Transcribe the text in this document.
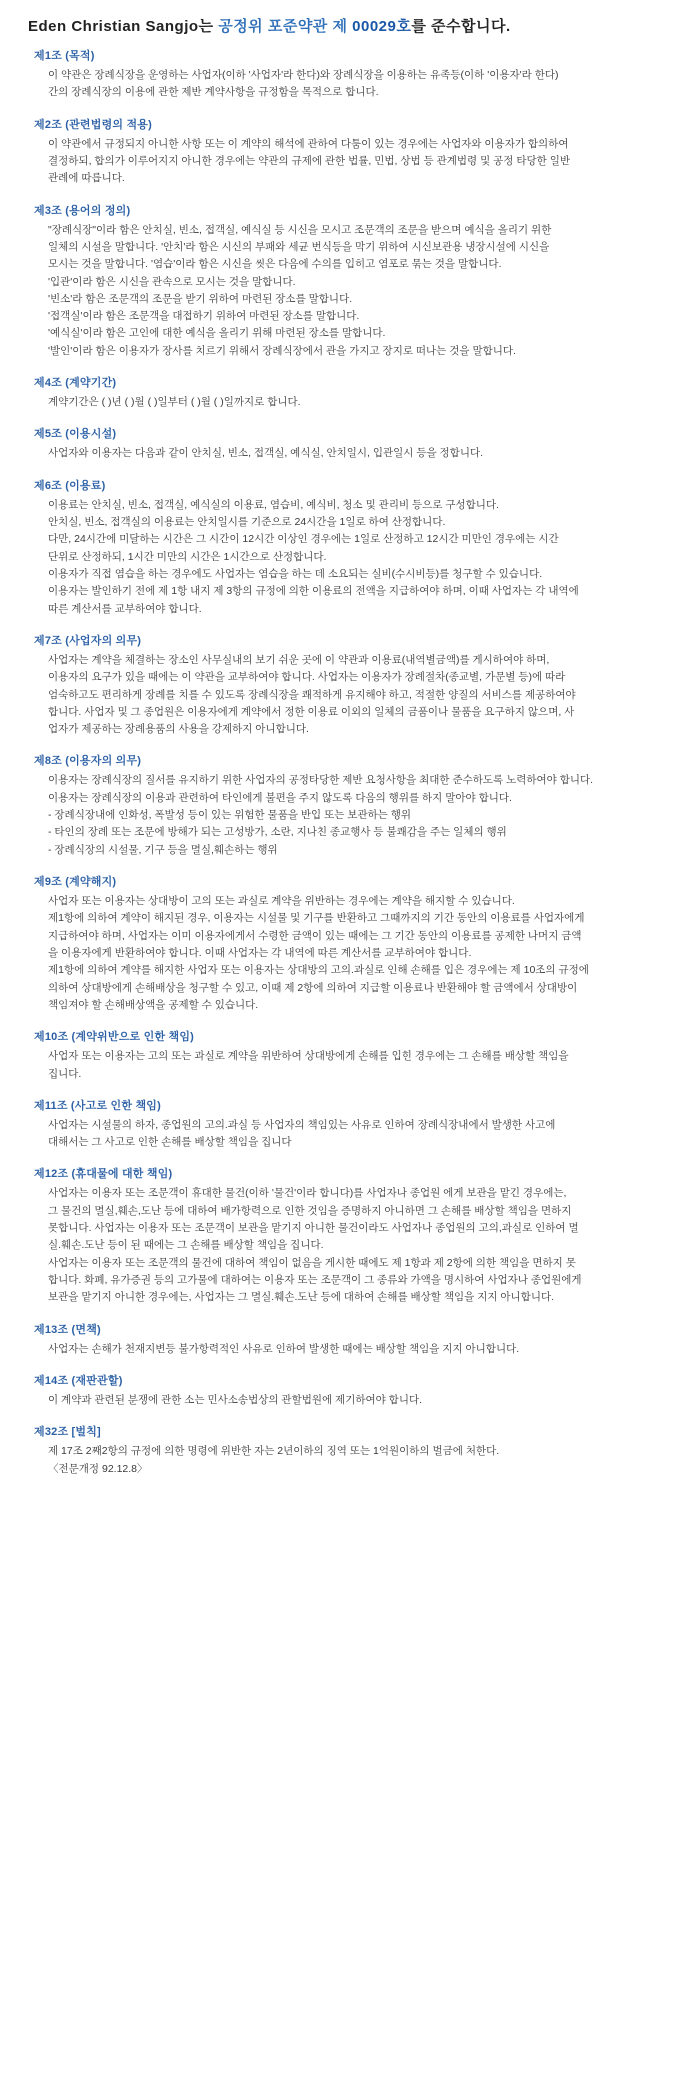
Eden Christian Sangjo는 공정위 포준약관 제 00029호를 준수합니다.
제1조 (목적)

이 약관은 장례식장을 운영하는 사업자(이하 '사업자'라 한다)와 장례식장을 이용하는 유족등(이하 '이용자'라 한다)

간의 장례식장의 이용에 관한 제반 계약사항을 규정함을 목적으로 합니다.

제2조 (관련법령의 적용)

이 약관에서 규정되지 아니한 사항 또는 이 계약의 해석에 관하여 다툼이 있는 경우에는 사업자와 이용자가 합의하여

결정하되, 합의가 이루어지지 아니한 경우에는 약관의 규제에 관한 법률, 민법, 상법 등 관계법령 및 공정 타당한 일반

관례에 따릅니다.

제3조 (용어의 정의)

"장례식장"이라 함은 안치실, 빈소, 접객실, 예식실 등 시신을 모시고 조문객의 조문을 받으며 예식을 올리기 위한

일체의 시설을 말합니다. '안치'라 함은 시신의 부패와 세균 번식등을 막기 위하여 시신보관용 냉장시설에 시신을

모시는 것을 말합니다. '염습'이라 함은 시신을 씻은 다음에 수의를 입히고 염포로 묶는 것을 말합니다.

'입관'이라 함은 시신을 관속으로 모시는 것을 말합니다.

'빈소'라 함은 조문객의 조문을 받기 위하여 마련된 장소를 말합니다.

'접객실'이라 함은 조문객을 대접하기 위하여 마련된 장소를 말합니다.

'예식실'이라 함은 고인에 대한 예식을 올리기 위해 마련된 장소를 말합니다.

'발인'이라 함은 이용자가 장사를 치르기 위해서 장례식장에서 관을 가지고 장지로 떠나는 것을 말합니다.

제4조 (계약기간)

계약기간은 ( )년 ( )월 ( )일부터 ( )월 ( )일까지로 합니다.

제5조 (이용시설)

사업자와 이용자는 다음과 같이 안치실, 빈소, 접객실, 예식실, 안치일시, 입관일시 등을 정합니다.

제6조 (이용료)

이용료는 안치실, 빈소, 접객실, 예식실의 이용료, 염습비, 예식비, 청소 및 관리비 등으로 구성합니다.

안치실, 빈소, 접객실의 이용료는 안치일시를 기준으로 24시간을 1일로 하여 산정합니다.

다만, 24시간에 미달하는 시간은 그 시간이 12시간 이상인 경우에는 1일로 산정하고 12시간 미만인 경우에는 시간

단위로 산정하되, 1시간 미만의 시간은 1시간으로 산정합니다.

이용자가 직접 염습을 하는 경우에도 사업자는 염습을 하는 데 소요되는 실비(수시비등)를 청구할 수 있습니다.

이용자는 발인하기 전에 제 1항 내지 제 3항의 규정에 의한 이용료의 전액을 지급하여야 하며, 이때 사업자는 각 내역에

따른 계산서를 교부하여야 합니다.

제7조 (사업자의 의무)

사업자는 계약을 체결하는 장소인 사무실내의 보기 쉬운 곳에 이 약관과 이용료(내역별금액)를 게시하여야 하며,

이용자의 요구가 있을 때에는 이 약관을 교부하여야 합니다. 사업자는 이용자가 장례절차(종교별, 가문별 등)에 따라

엄숙하고도 편리하게 장례를 치를 수 있도록 장례식장을 쾌적하게 유지해야 하고, 적절한 양질의 서비스를 제공하여야

합니다. 사업자 및 그 종업원은 이용자에게 계약에서 정한 이용료 이외의 일체의 금품이나 물품을 요구하지 않으며, 사

업자가 제공하는 장례용품의 사용을 강제하지 아니합니다.

제8조 (이용자의 의무)

이용자는 장례식장의 질서를 유지하기 위한 사업자의 공정타당한 제반 요청사항을 최대한 준수하도록 노력하여야 합니다.

이용자는 장례식장의 이용과 관련하여 타인에게 불편을 주지 않도록 다음의 행위를 하지 말아야 합니다.

- 장례식장내에 인화성, 폭발성 등이 있는 위험한 물품을 반입 또는 보관하는 행위

- 타인의 장례 또는 조문에 방해가 되는 고성방가, 소란, 지나친 종교행사 등 불쾌감을 주는 일체의 행위

- 장례식장의 시설물, 기구 등을 멸실,훼손하는 행위

제9조 (계약해지)

사업자 또는 이용자는 상대방이 고의 또는 과실로 계약을 위반하는 경우에는 계약을 해지할 수 있습니다.

제1항에 의하여 계약이 해지된 경우, 이용자는 시설물 및 기구를 반환하고 그때까지의 기간 동안의 이용료를 사업자에게

지급하여야 하며, 사업자는 이미 이용자에게서 수령한 금액이 있는 때에는 그 기간 동안의 이용료를 공제한 나머지 금액

을 이용자에게 반환하여야 합니다. 이때 사업자는 각 내역에 따른 계산서를 교부하여야 합니다.

제1항에 의하여 계약를 해지한 사업자 또는 이용자는 상대방의 고의.과실로 인해 손해를 입은 경우에는 제 10조의 규정에

의하여 상대방에게 손해배상을 청구할 수 있고, 이때 제 2항에 의하여 지급할 이용료나 반환해야 할 금액에서 상대방이

책임져야 할 손해배상액을 공제할 수 있습니다.

제10조 (계약위반으로 인한 책임)

사업자 또는 이용자는 고의 또는 과실로 계약을 위반하여 상대방에게 손해를 입힌 경우에는 그 손해를 배상할 책임을

집니다.

제11조 (사고로 인한 책임)

사업자는 시설물의 하자, 종업원의 고의.과실 등 사업자의 책임있는 사유로 인하여 장례식장내에서 발생한 사고에

대해서는 그 사고로 인한 손해를 배상할 책임을 집니다

제12조 (휴대물에 대한 책임)

사업자는 이용자 또는 조문객이 휴대한 물건(이하 '물건'이라 합니다)를 사업자나 종업원 에게 보관을 맡긴 경우에는,

그 물건의 멸실,훼손,도난 등에 대하여 배가항력으로 인한 것임을 증명하지 아니하면 그 손해를 배상할 책임을 면하지

못합니다. 사업자는 이용자 또는 조문객이 보관을 맡기지 아니한 물건이라도 사업자나 종업원의 고의,과실로 인하여 멸

실.훼손.도난 등이 된 때에는 그 손해를 배상할 책임을 집니다.

사업자는 이용자 또는 조문객의 물건에 대하여 책임이 없음을 게시한 때에도 제 1항과 제 2항에 의한 책임을 면하지 못

합니다. 화폐, 유가증권 등의 고가물에 대하여는 이용자 또는 조문객이 그 종류와 가액을 명시하여 사업자나 종업원에게

보관을 맡기지 아니한 경우에는, 사업자는 그 멸실.훼손.도난 등에 대하여 손해를 배상할 책임을 지지 아니합니다.

제13조 (면책)

사업자는 손해가 천재지변등 불가항력적인 사유로 인하여 발생한 때에는 배상할 책임을 지지 아니합니다.

제14조 (재판관할)

이 계약과 관련된 분쟁에 관한 소는 민사소송법상의 관할법원에 제기하여야 합니다.

제32조 [벌칙]

제 17조 2째2항의 규정에 의한 명령에 위반한 자는 2년이하의 징역 또는 1억원이하의 벌금에 처한다.

〈전문개정 92.12.8〉
